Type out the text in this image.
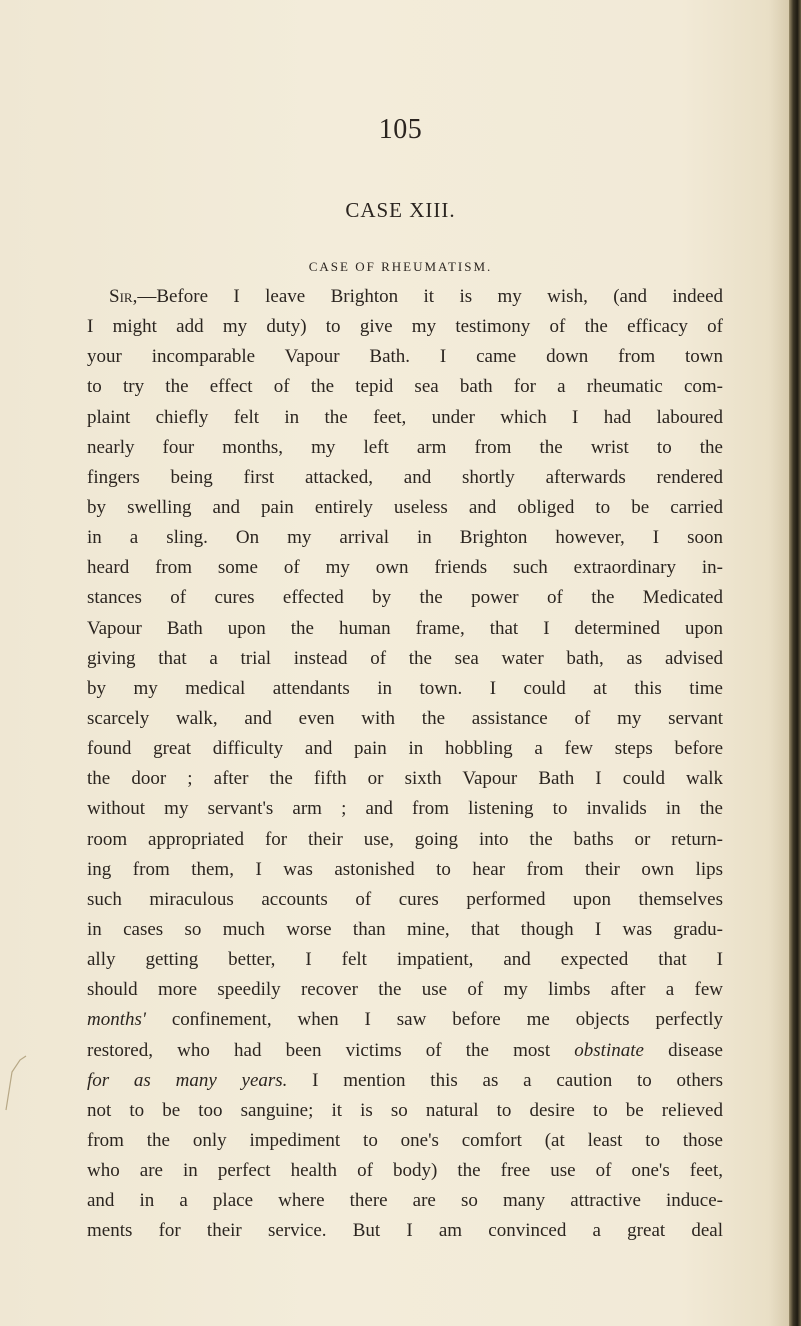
105
CASE XIII.
CASE OF RHEUMATISM.
Sir,—Before I leave Brighton it is my wish, (and indeed
I might add my duty) to give my testimony of the efficacy of
your incomparable Vapour Bath. I came down from town
to try the effect of the tepid sea bath for a rheumatic com-
plaint chiefly felt in the feet, under which I had laboured
nearly four months, my left arm from the wrist to the
fingers being first attacked, and shortly afterwards rendered
by swelling and pain entirely useless and obliged to be carried
in a sling. On my arrival in Brighton however, I soon
heard from some of my own friends such extraordinary in-
stances of cures effected by the power of the Medicated
Vapour Bath upon the human frame, that I determined upon
giving that a trial instead of the sea water bath, as advised
by my medical attendants in town. I could at this time
scarcely walk, and even with the assistance of my servant
found great difficulty and pain in hobbling a few steps before
the door ; after the fifth or sixth Vapour Bath I could walk
without my servant's arm ; and from listening to invalids in the
room appropriated for their use, going into the baths or return-
ing from them, I was astonished to hear from their own lips
such miraculous accounts of cures performed upon themselves
in cases so much worse than mine, that though I was gradu-
ally getting better, I felt impatient, and expected that I
should more speedily recover the use of my limbs after a few
months' confinement, when I saw before me objects perfectly
restored, who had been victims of the most obstinate disease
for as many years. I mention this as a caution to others
not to be too sanguine; it is so natural to desire to be relieved
from the only impediment to one's comfort (at least to those
who are in perfect health of body) the free use of one's feet,
and in a place where there are so many attractive induce-
ments for their service. But I am convinced a great deal
